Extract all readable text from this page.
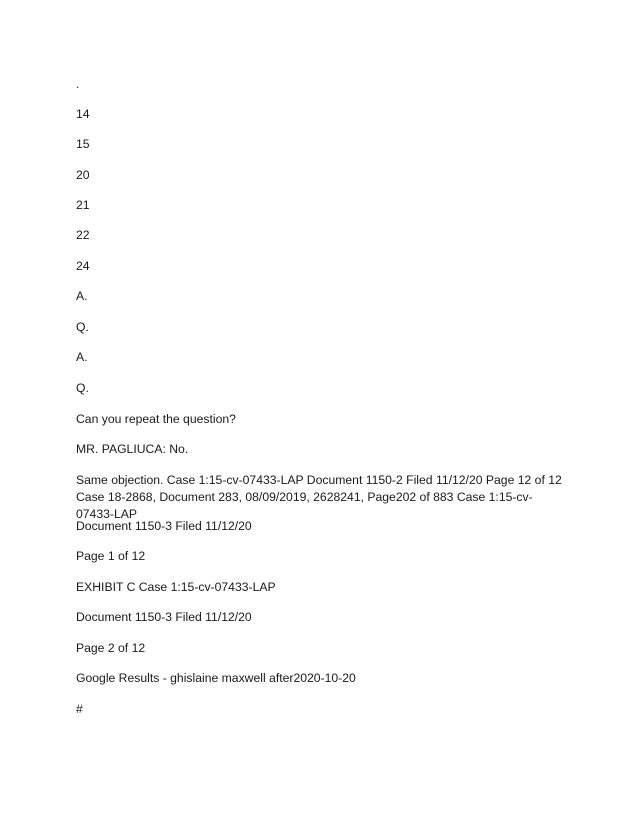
.
14
15
20
21
22
24
A.
Q.
A.
Q.
Can you repeat the question?
MR. PAGLIUCA: No.
Same objection. Case 1:15-cv-07433-LAP Document 1150-2 Filed 11/12/20 Page 12 of 12 Case 18-2868, Document 283, 08/09/2019, 2628241, Page202 of 883 Case 1:15-cv-07433-LAP
Document 1150-3 Filed 11/12/20
Page 1 of 12
EXHIBIT C Case 1:15-cv-07433-LAP
Document 1150-3 Filed 11/12/20
Page 2 of 12
Google Results - ghislaine maxwell after2020-10-20
#
